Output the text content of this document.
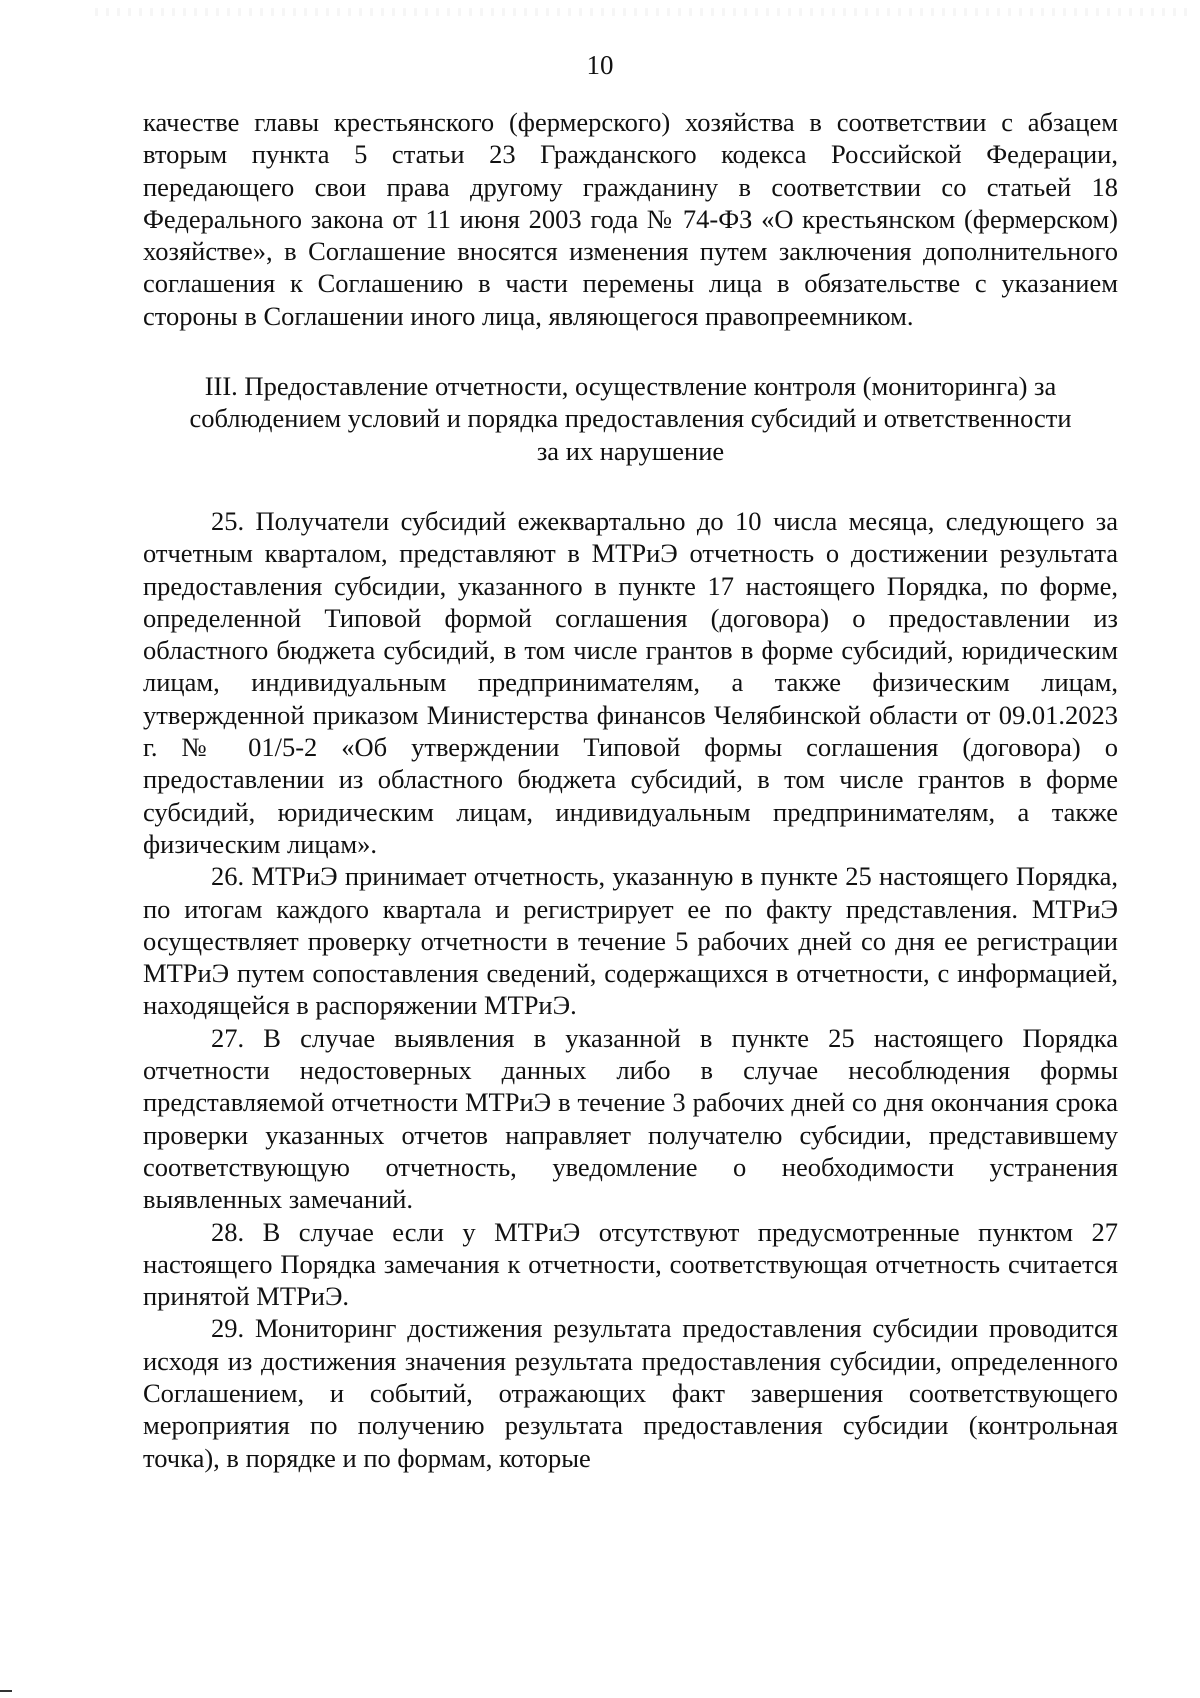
10

качестве главы крестьянского (фермерского) хозяйства в соответствии с абзацем вторым пункта 5 статьи 23 Гражданского кодекса Российской Федерации, передающего свои права другому гражданину в соответствии со статьей 18 Федерального закона от 11 июня 2003 года № 74-ФЗ «О крестьянском (фермерском) хозяйстве», в Соглашение вносятся изменения путем заключения дополнительного соглашения к Соглашению в части перемены лица в обязательстве с указанием стороны в Соглашении иного лица, являющегося правопреемником.

III. Предоставление отчетности, осуществление контроля (мониторинга) за соблюдением условий и порядка предоставления субсидий и ответственности за их нарушение

25. Получатели субсидий ежеквартально до 10 числа месяца, следующего за отчетным кварталом, представляют в МТРиЭ отчетность о достижении результата предоставления субсидии, указанного в пункте 17 настоящего Порядка, по форме, определенной Типовой формой соглашения (договора) о предоставлении из областного бюджета субсидий, в том числе грантов в форме субсидий, юридическим лицам, индивидуальным предпринимателям, а также физическим лицам, утвержденной приказом Министерства финансов Челябинской области от 09.01.2023 г. № 01/5-2 «Об утверждении Типовой формы соглашения (договора) о предоставлении из областного бюджета субсидий, в том числе грантов в форме субсидий, юридическим лицам, индивидуальным предпринимателям, а также физическим лицам».

26. МТРиЭ принимает отчетность, указанную в пункте 25 настоящего Порядка, по итогам каждого квартала и регистрирует ее по факту представления. МТРиЭ осуществляет проверку отчетности в течение 5 рабочих дней со дня ее регистрации МТРиЭ путем сопоставления сведений, содержащихся в отчетности, с информацией, находящейся в распоряжении МТРиЭ.

27. В случае выявления в указанной в пункте 25 настоящего Порядка отчетности недостоверных данных либо в случае несоблюдения формы представляемой отчетности МТРиЭ в течение 3 рабочих дней со дня окончания срока проверки указанных отчетов направляет получателю субсидии, представившему соответствующую отчетность, уведомление о необходимости устранения выявленных замечаний.

28. В случае если у МТРиЭ отсутствуют предусмотренные пунктом 27 настоящего Порядка замечания к отчетности, соответствующая отчетность считается принятой МТРиЭ.

29. Мониторинг достижения результата предоставления субсидии проводится исходя из достижения значения результата предоставления субсидии, определенного Соглашением, и событий, отражающих факт завершения соответствующего мероприятия по получению результата предоставления субсидии (контрольная точка), в порядке и по формам, которые
